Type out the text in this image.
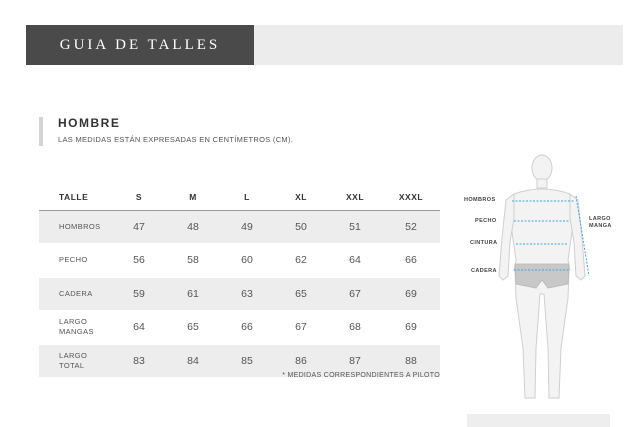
GUIA DE TALLES
HOMBRE
LAS MEDIDAS ESTÁN EXPRESADAS EN CENTÍMETROS (CM).
TALLE	S	M	L	XL	XXL	XXXL
HOMBROS	47	48	49	50	51	52
PECHO	56	58	60	62	64	66
CADERA	59	61	63	65	67	69

LARGO
MANGAS	64	65	66	67	68	69

LARGO
TOTAL	83	84	85	86	87	88
* MEDIDAS CORRESPONDIENTES A PILOTO
HOMBROS
PECHO
CINTURA
CADERA
LARGO
MANGA
